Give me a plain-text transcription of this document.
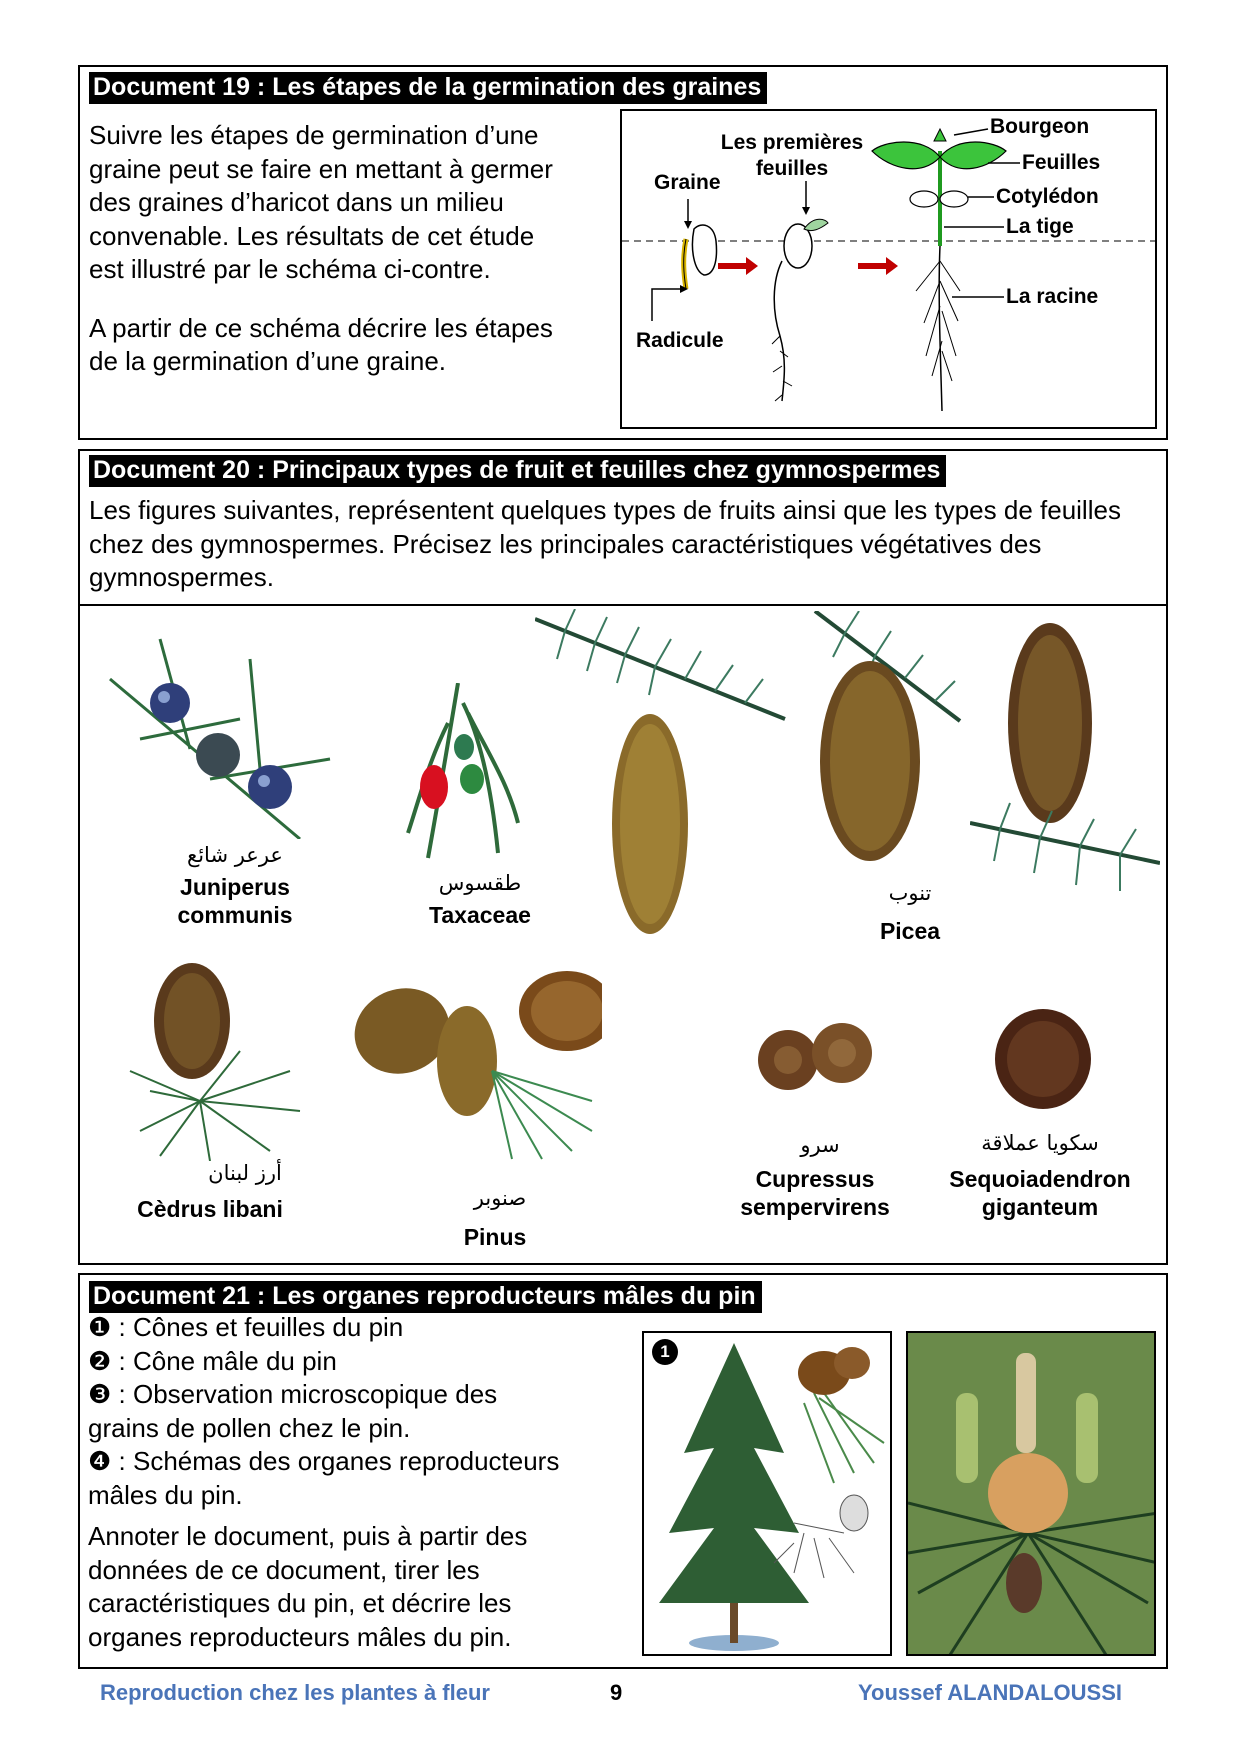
Document 19 : Les étapes de la germination des graines
Suivre les étapes de germination d’une graine peut se faire en mettant à germer des graines d’haricot dans un milieu convenable. Les résultats de cet étude est illustré par le schéma ci-contre.
A partir de ce schéma décrire les étapes de la germination d’une graine.
Graine
Les premières
feuilles
Radicule
Bourgeon
Feuilles
Cotylédon
La tige
La racine
Document 20 : Principaux types de fruit et feuilles chez gymnospermes
Les figures suivantes, représentent quelques types de fruits ainsi que les types de feuilles chez des gymnospermes. Précisez les principales caractéristiques végétatives des gymnospermes.
عرعر شائع
Juniperus
communis
طقسوس
Taxaceae
تنوب
Picea
أرز لبنان
Cèdrus libani	صنوبر
Pinus
سرو
Cupressus
sempervirens
سكويا عملاقة
Sequoiadendron
giganteum
Document 21 : Les organes reproducteurs mâles du pin
❶ : Cônes et feuilles du pin
❷ : Cône mâle du pin
❸ : Observation microscopique des grains de pollen chez le pin.
❹ : Schémas des organes reproducteurs mâles du pin.
Annoter le document, puis à partir des données de ce document, tirer les caractéristiques du pin, et décrire les organes reproducteurs mâles du pin.
1
Reproduction chez les plantes à fleur	9	Youssef ALANDALOUSSI
